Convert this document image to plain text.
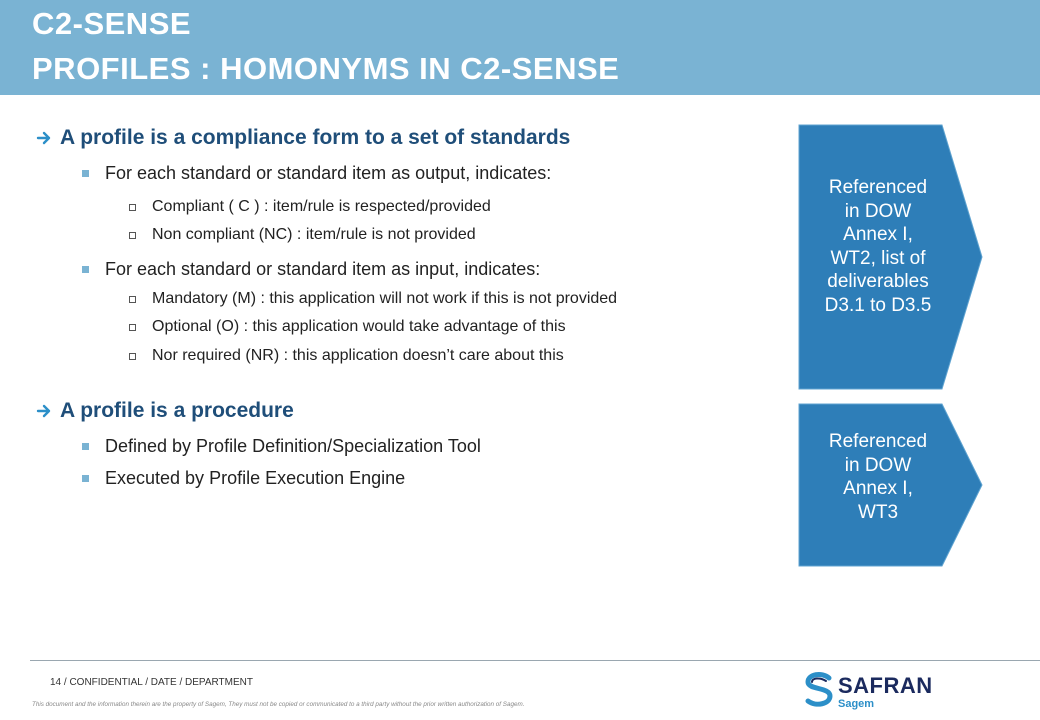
C2-SENSE
PROFILES : HOMONYMS IN C2-SENSE
A profile is a compliance form to a set of standards
For each standard or standard item as output, indicates:
Compliant ( C ) : item/rule is respected/provided
Non compliant (NC) : item/rule is not provided
For each standard or standard item as input, indicates:
Mandatory (M) : this application will not work if this is not provided
Optional (O) : this application would take advantage of this
Nor required (NR) : this application doesn’t care about this
A profile is a procedure
Defined by Profile Definition/Specialization Tool
Executed by Profile Execution Engine
Referenced
in DOW
Annex I,
WT2, list of
deliverables
D3.1 to D3.5
Referenced
in DOW
Annex I,
WT3
14 / CONFIDENTIAL / DATE / DEPARTMENT
This document and the information therein are the property of Sagem, They must not be copied or communicated to a third party without the prior written authorization of Sagem.
SAFRAN
Sagem
